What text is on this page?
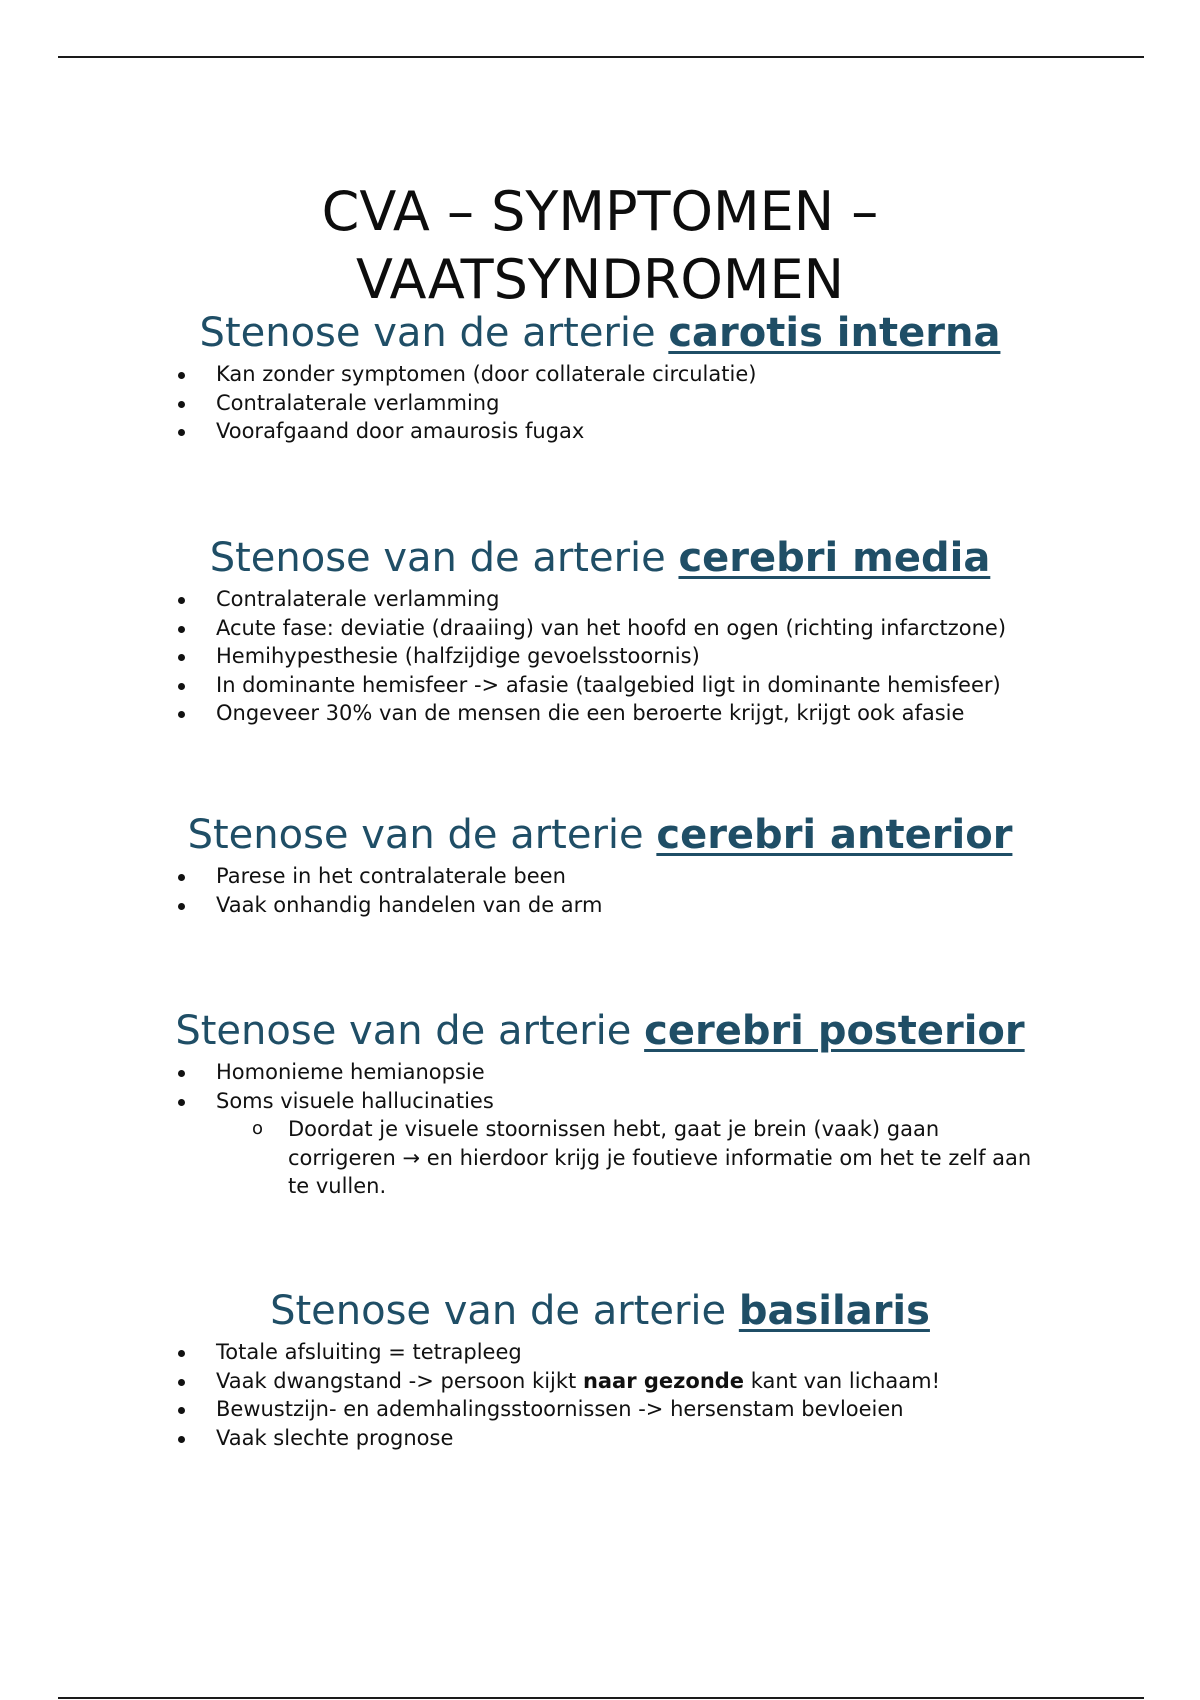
CVA – SYMPTOMEN –
VAATSYNDROMEN
Stenose van de arterie carotis interna
Kan zonder symptomen (door collaterale circulatie)
Contralaterale verlamming
Voorafgaand door amaurosis fugax
Stenose van de arterie cerebri media
Contralaterale verlamming
Acute fase: deviatie (draaiing) van het hoofd en ogen (richting infarctzone)
Hemihypesthesie (halfzijdige gevoelsstoornis)
In dominante hemisfeer -> afasie (taalgebied ligt in dominante hemisfeer)
Ongeveer 30% van de mensen die een beroerte krijgt, krijgt ook afasie
Stenose van de arterie cerebri anterior
Parese in het contralaterale been
Vaak onhandig handelen van de arm
Stenose van de arterie cerebri posterior
Homonieme hemianopsie
Soms visuele hallucinaties
o Doordat je visuele stoornissen hebt, gaat je brein (vaak) gaan corrigeren → en hierdoor krijg je foutieve informatie om het te zelf aan te vullen.
Stenose van de arterie basilaris
Totale afsluiting = tetrapleeg
Vaak dwangstand -> persoon kijkt naar gezonde kant van lichaam!
Bewustzijn- en ademhalingsstoornissen -> hersenstam bevloeien
Vaak slechte prognose
